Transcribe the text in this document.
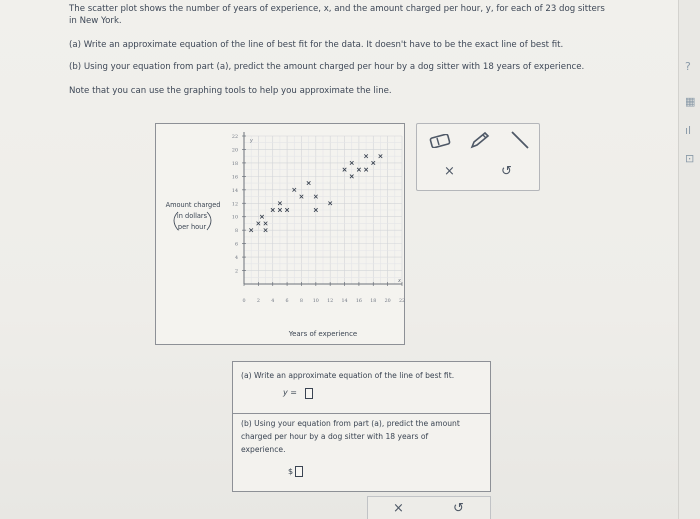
?
▦
ıl
⊡
The scatter plot shows the number of years of experience, x, and the amount charged per hour, y, for each of 23 dog sitters
in New York.
(a) Write an approximate equation of the line of best fit for the data. It doesn't have to be the exact line of best fit.
(b) Using your equation from part (a), predict the amount charged per hour by a dog sitter with 18 years of experience.
Note that you can use the graphing tools to help you approximate the line.
0 2 4 6 8 10 12 14 16 18 20 22
2
4
6
8
10
12
14
16
18
20
22
x
y
Years of experience
Amount charged
in dollars
per hour
×	↺
(a) Write an approximate equation of the line of best fit.
y =
(b) Using your equation from part (a), predict the amount
charged per hour by a dog sitter with 18 years of
experience.
$
×	↺
